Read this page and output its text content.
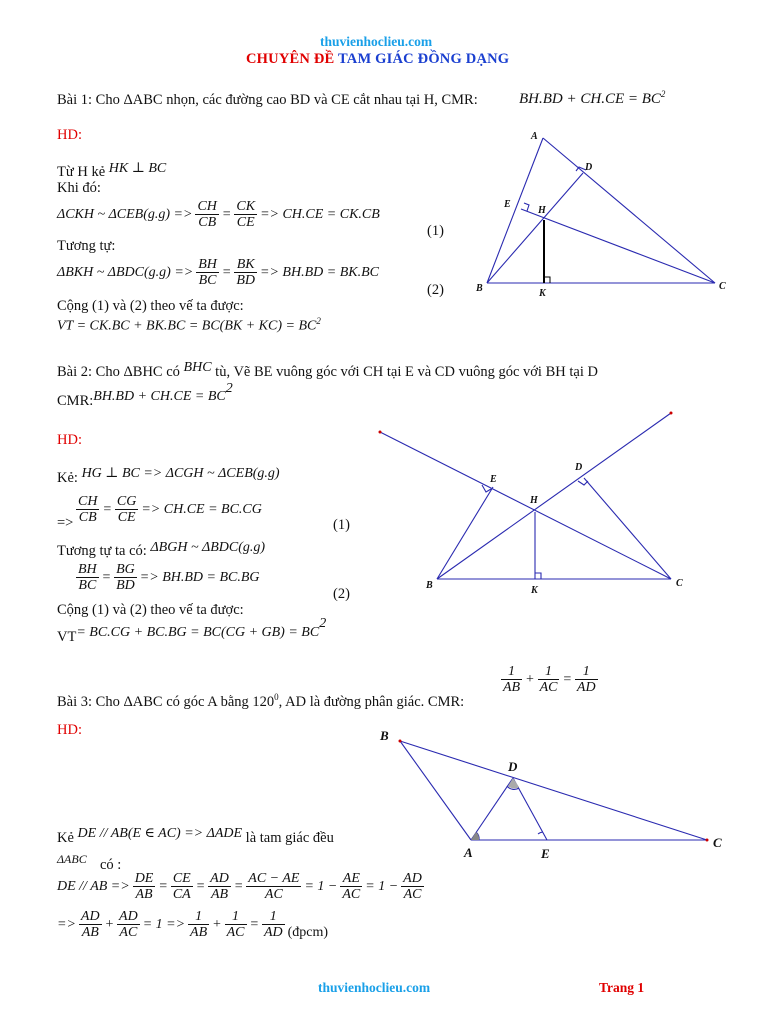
thuvienhoclieu.com
CHUYÊN ĐỀ TAM GIÁC ĐỒNG DẠNG
Bài 1: Cho ΔABC nhọn, các đường cao BD và CE cắt nhau tại H, CMR:	$BH.BD + CH.CE = BC^2$
HD:
Từ H kẻ HK ⊥ BC
Khi đó:
ΔCKH ~ $\Delta CEB(g.g) => \frac{CH}{CB} = \frac{CK}{CE} => CH.CE = CK.CB$
(1)
Tương tự:
ΔBKH ~ $\Delta BDC(g.g) => \frac{BH}{BC} = \frac{BK}{BD} => BH.BD = BK.BC$
(2)
Cộng (1) và (2) theo vế ta được:
VT = $CK.BC + BK.BC = BC(BK + KC) = BC^2$
A
D
E
H
B	K
C
Bài 2: Cho ΔBHC có BHC tù, Vẽ BE vuông góc với CH tại E và CD vuông góc với BH tại D
CMR:BH.BD + $CH.CE = BC^2$
HD:
Kẻ: HG ⊥ BC => ΔCGH ~ ΔCEB(g.g)
$\frac{CH}{CB} = \frac{CG}{CE} => CH.CE = BC.CG$
=>	(1)
Tương tự ta có: ΔBGH ~ ΔBDC(g.g)
$\frac{BH}{BC} = \frac{BG}{BD} => BH.BD = BC.BG$
(2)
Cộng (1) và (2) theo vế ta được:
$VT= BC.CG + BC.BG = BC(CG + GB) = BC^2$
E
D
H
B	K
C
Bài 3: Cho ΔABC có góc A bằng $120^0$, AD là đường phân giác. CMR:
$\frac{1}{AB} + \frac{1}{AC} = \frac{1}{AD}$
HD:
Kẻ DE // AB(E ∈ AC) => ΔADE là tam giác đều
ΔABC có :
DE // AB => $\frac{DE}{AB} = \frac{CE}{CA} = \frac{AD}{AB} = \frac{AC - AE}{AC} = 1 - \frac{AE}{AC} = 1 - \frac{AD}{AC}$
=> $\frac{AD}{AB} + \frac{AD}{AC} = 1 => \frac{1}{AB} + \frac{1}{AC} = \frac{1}{AD}$ (đpcm)
B
D
A	E
C
thuvienhoclieu.com	Trang 1
